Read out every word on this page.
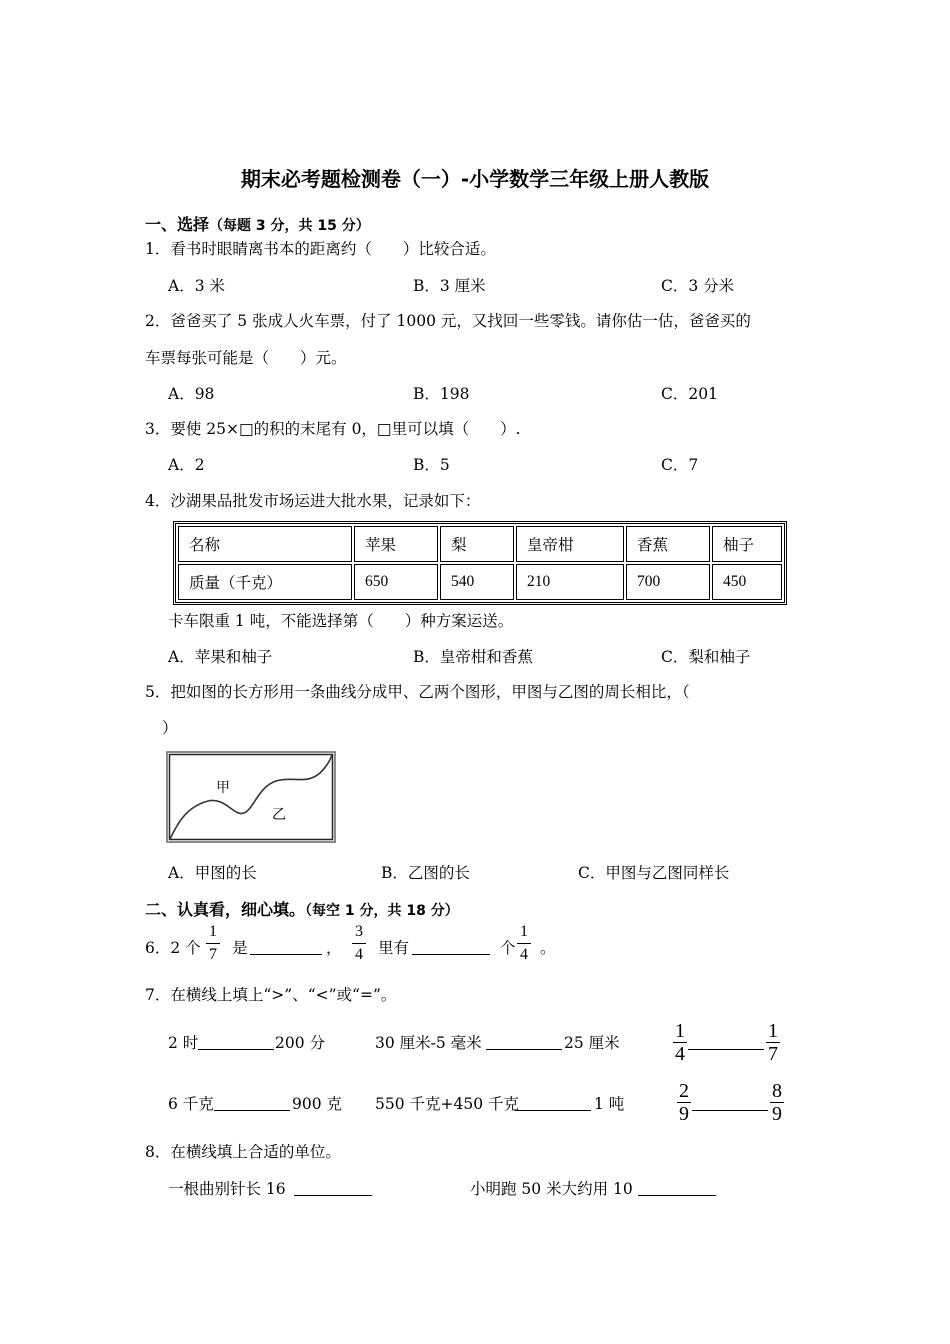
期末必考题检测卷（一）-小学数学三年级上册人教版
一、选择（每题 3 分，共 15 分）
1．看书时眼睛离书本的距离约（　　）比较合适。
A．3 米	B．3 厘米	C．3 分米
2．爸爸买了 5 张成人火车票，付了 1000 元，又找回一些零钱。请你估一估，爸爸买的
车票每张可能是（　　）元。
A．98	B．198	C．201
3．要使 25×□的积的末尾有 0，□里可以填（　　）.
A．2	B．5	C．7
4．沙湖果品批发市场运进大批水果，记录如下：
名称	苹果	梨	皇帝柑	香蕉	柚子
质量（千克）	650	540	210	700	450
卡车限重 1 吨，不能选择第（　　）种方案运送。
A．苹果和柚子	B．皇帝柑和香蕉	C．梨和柚子
5．把如图的长方形用一条曲线分成甲、乙两个图形，甲图与乙图的周长相比，（
）
甲
乙
A．甲图的长	B．乙图的长	C．甲图与乙图同样长
二、认真看，细心填。（每空 1 分，共 18 分）
6．2 个
1
7 是	，
3
4 里有	个
1
4 。
7．在横线上填上“>”、“<”或“=”。
2 时	200 分	30 厘米-5 毫米	25 厘米
1
4
1
7
6 千克	900 克 550 千克+450 千克	1 吨
2
9
8
9
8．在横线填上合适的单位。
一根曲别针长 16	小明跑 50 米大约用 10
